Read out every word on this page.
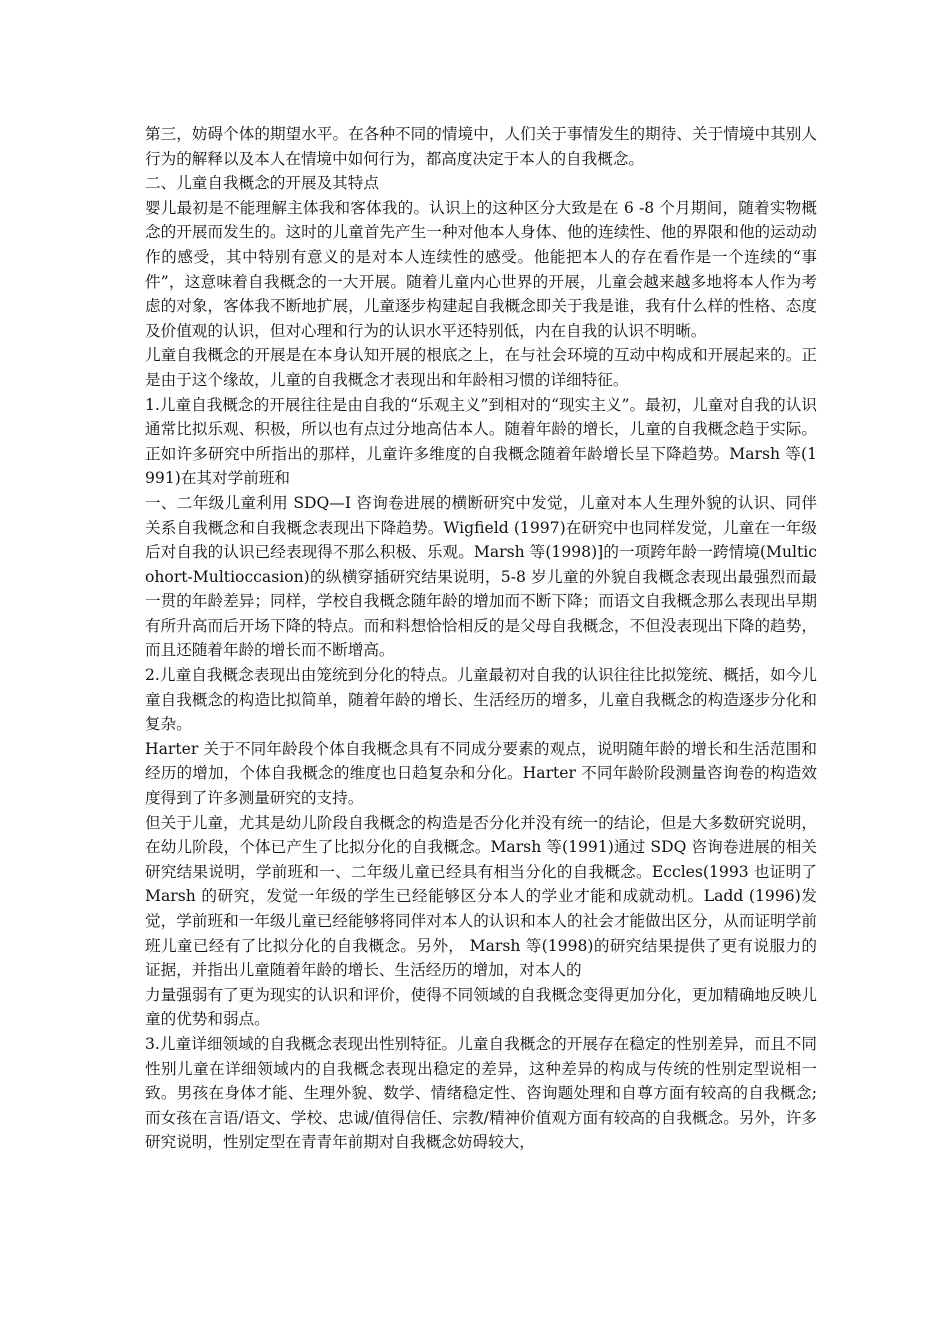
第三，妨碍个体的期望水平。在各种不同的情境中，人们关于事情发生的期待、关于情境中其别人行为的解释以及本人在情境中如何行为，都高度决定于本人的自我概念。

二、儿童自我概念的开展及其特点

婴儿最初是不能理解主体我和客体我的。认识上的这种区分大致是在 6 -8 个月期间，随着实物概念的开展而发生的。这时的儿童首先产生一种对他本人身体、他的连续性、他的界限和他的运动动作的感受，其中特别有意义的是对本人连续性的感受。他能把本人的存在看作是一个连续的“事件”，这意味着自我概念的一大开展。随着儿童内心世界的开展，儿童会越来越多地将本人作为考虑的对象，客体我不断地扩展，儿童逐步构建起自我概念即关于我是谁，我有什么样的性格、态度及价值观的认识，但对心理和行为的认识水平还特别低，内在自我的认识不明晰。

儿童自我概念的开展是在本身认知开展的根底之上，在与社会环境的互动中构成和开展起来的。正是由于这个缘故，儿童的自我概念才表现出和年龄相习惯的详细特征。

1.儿童自我概念的开展往往是由自我的“乐观主义”到相对的“现实主义”。最初，儿童对自我的认识通常比拟乐观、积极，所以也有点过分地高估本人。随着年龄的增长，儿童的自我概念趋于实际。正如许多研究中所指出的那样，儿童许多维度的自我概念随着年龄增长呈下降趋势。Marsh 等(1991)在其对学前班和

一、二年级儿童利用 SDQ—I 咨询卷进展的横断研究中发觉，儿童对本人生理外貌的认识、同伴关系自我概念和自我概念表现出下降趋势。Wigfield (1997)在研究中也同样发觉，儿童在一年级后对自我的认识已经表现得不那么积极、乐观。Marsh 等(1998)]的一项跨年龄一跨情境(Multicohort-Multioccasion)的纵横穿插研究结果说明，5-8 岁儿童的外貌自我概念表现出最强烈而最一贯的年龄差异；同样，学校自我概念随年龄的增加而不断下降；而语文自我概念那么表现出早期有所升高而后开场下降的特点。而和料想恰恰相反的是父母自我概念，不但没表现出下降的趋势，而且还随着年龄的增长而不断增高。

2.儿童自我概念表现出由笼统到分化的特点。儿童最初对自我的认识往往比拟笼统、概括，如今儿童自我概念的构造比拟简单，随着年龄的增长、生活经历的增多，儿童自我概念的构造逐步分化和复杂。

Harter 关于不同年龄段个体自我概念具有不同成分要素的观点，说明随年龄的增长和生活范围和经历的增加，个体自我概念的维度也日趋复杂和分化。Harter 不同年龄阶段测量咨询卷的构造效度得到了许多测量研究的支持。

但关于儿童，尤其是幼儿阶段自我概念的构造是否分化并没有统一的结论，但是大多数研究说明，在幼儿阶段，个体已产生了比拟分化的自我概念。Marsh 等(1991)通过 SDQ 咨询卷进展的相关研究结果说明，学前班和一、二年级儿童已经具有相当分化的自我概念。Eccles(1993 也证明了 Marsh 的研究，发觉一年级的学生已经能够区分本人的学业才能和成就动机。Ladd (1996)发觉，学前班和一年级儿童已经能够将同伴对本人的认识和本人的社会才能做出区分，从而证明学前班儿童已经有了比拟分化的自我概念。另外， Marsh 等(1998)的研究结果提供了更有说服力的证据，并指出儿童随着年龄的增长、生活经历的增加，对本人的

力量强弱有了更为现实的认识和评价，使得不同领域的自我概念变得更加分化，更加精确地反映儿童的优势和弱点。

3.儿童详细领域的自我概念表现出性别特征。儿童自我概念的开展存在稳定的性别差异，而且不同性别儿童在详细领域内的自我概念表现出稳定的差异，这种差异的构成与传统的性别定型说相一致。男孩在身体才能、生理外貌、数学、情绪稳定性、咨询题处理和自尊方面有较高的自我概念;而女孩在言语/语文、学校、忠诚/值得信任、宗教/精神价值观方面有较高的自我概念。另外，许多研究说明，性别定型在青青年前期对自我概念妨碍较大，
